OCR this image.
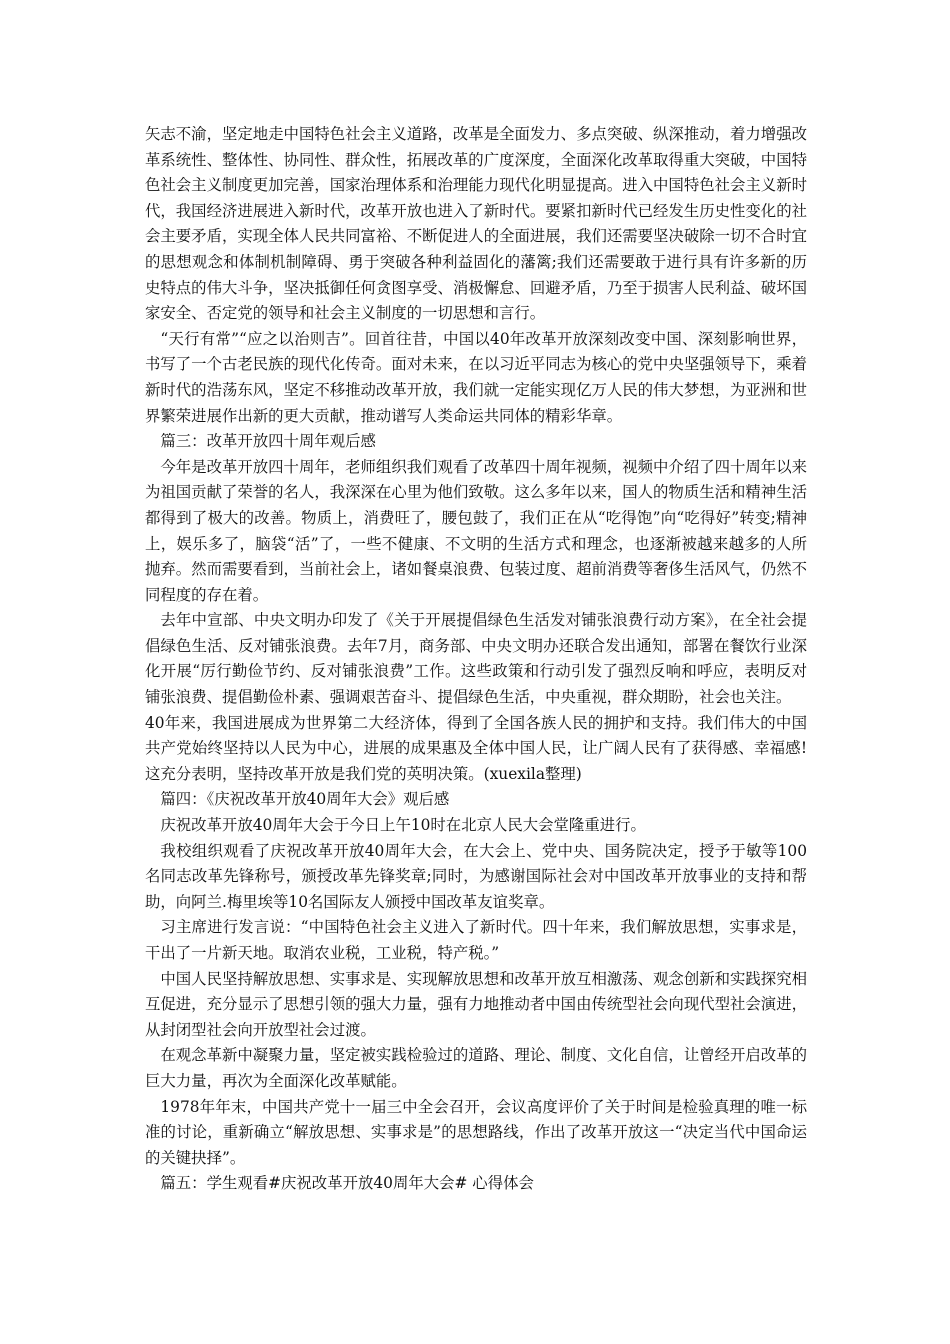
矢志不渝，坚定地走中国特色社会主义道路，改革是全面发力、多点突破、纵深推动，着力增强改革系统性、整体性、协同性、群众性，拓展改革的广度深度，全面深化改革取得重大突破，中国特色社会主义制度更加完善，国家治理体系和治理能力现代化明显提高。进入中国特色社会主义新时代，我国经济进展进入新时代，改革开放也进入了新时代。要紧扣新时代已经发生历史性变化的社会主要矛盾，实现全体人民共同富裕、不断促进人的全面进展，我们还需要坚决破除一切不合时宜的思想观念和体制机制障碍、勇于突破各种利益固化的藩篱;我们还需要敢于进行具有许多新的历史特点的伟大斗争，坚决抵御任何贪图享受、消极懈怠、回避矛盾，乃至于损害人民利益、破坏国家安全、否定党的领导和社会主义制度的一切思想和言行。

“天行有常”“应之以治则吉”。回首往昔，中国以40年改革开放深刻改变中国、深刻影响世界，书写了一个古老民族的现代化传奇。面对未来，在以习近平同志为核心的党中央坚强领导下，乘着新时代的浩荡东风，坚定不移推动改革开放，我们就一定能实现亿万人民的伟大梦想，为亚洲和世界繁荣进展作出新的更大贡献，推动谱写人类命运共同体的精彩华章。

篇三：改革开放四十周年观后感

今年是改革开放四十周年，老师组织我们观看了改革四十周年视频，视频中介绍了四十周年以来为祖国贡献了荣誉的名人，我深深在心里为他们致敬。这么多年以来，国人的物质生活和精神生活都得到了极大的改善。物质上，消费旺了，腰包鼓了，我们正在从“吃得饱”向“吃得好”转变;精神上，娱乐多了，脑袋“活”了，一些不健康、不文明的生活方式和理念，也逐渐被越来越多的人所抛弃。然而需要看到，当前社会上，诸如餐桌浪费、包装过度、超前消费等奢侈生活风气，仍然不同程度的存在着。

去年中宣部、中央文明办印发了《关于开展提倡绿色生活发对铺张浪费行动方案》，在全社会提倡绿色生活、反对铺张浪费。去年7月，商务部、中央文明办还联合发出通知，部署在餐饮行业深化开展“厉行勤俭节约、反对铺张浪费”工作。这些政策和行动引发了强烈反响和呼应，表明反对铺张浪费、提倡勤俭朴素、强调艰苦奋斗、提倡绿色生活，中央重视，群众期盼，社会也关注。

40年来，我国进展成为世界第二大经济体，得到了全国各族人民的拥护和支持。我们伟大的中国共产党始终坚持以人民为中心，进展的成果惠及全体中国人民，让广阔人民有了获得感、幸福感!这充分表明，坚持改革开放是我们党的英明决策。(xuexila整理)

篇四：《庆祝改革开放40周年大会》观后感

庆祝改革开放40周年大会于今日上午10时在北京人民大会堂隆重进行。

我校组织观看了庆祝改革开放40周年大会，在大会上、党中央、国务院决定，授予于敏等100名同志改革先锋称号，颁授改革先锋奖章;同时，为感谢国际社会对中国改革开放事业的支持和帮助，向阿兰.梅里埃等10名国际友人颁授中国改革友谊奖章。

习主席进行发言说：“中国特色社会主义进入了新时代。四十年来，我们解放思想，实事求是，干出了一片新天地。取消农业税，工业税，特产税。”

中国人民坚持解放思想、实事求是、实现解放思想和改革开放互相激荡、观念创新和实践探究相互促进，充分显示了思想引领的强大力量，强有力地推动者中国由传统型社会向现代型社会演进，从封闭型社会向开放型社会过渡。

在观念革新中凝聚力量，坚定被实践检验过的道路、理论、制度、文化自信，让曾经开启改革的巨大力量，再次为全面深化改革赋能。

1978年年末，中国共产党十一届三中全会召开，会议高度评价了关于时间是检验真理的唯一标准的讨论，重新确立“解放思想、实事求是”的思想路线，作出了改革开放这一“决定当代中国命运的关键抉择”。

篇五：学生观看#庆祝改革开放40周年大会# 心得体会
